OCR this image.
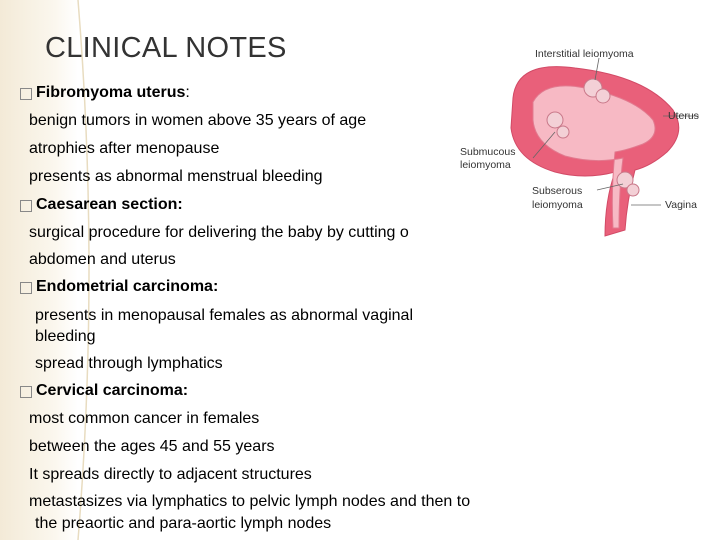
CLINICAL NOTES
Fibromyoma uterus:
benign tumors in women above 35 years of age
atrophies after menopause
presents as abnormal menstrual bleeding
Caesarean section:
surgical procedure for delivering the baby by cutting o
abdomen and uterus
Endometrial carcinoma:
presents in menopausal females as abnormal vaginal
bleeding
spread through lymphatics
Cervical carcinoma:
most common cancer in females
between the ages 45 and 55 years
It spreads directly to adjacent structures
metastasizes via lymphatics to pelvic lymph nodes and then to
the preaortic and para-aortic lymph nodes
Interstitial leiomyoma
Uterus
Submucous
leiomyoma
Subserous
leiomyoma	Vagina
